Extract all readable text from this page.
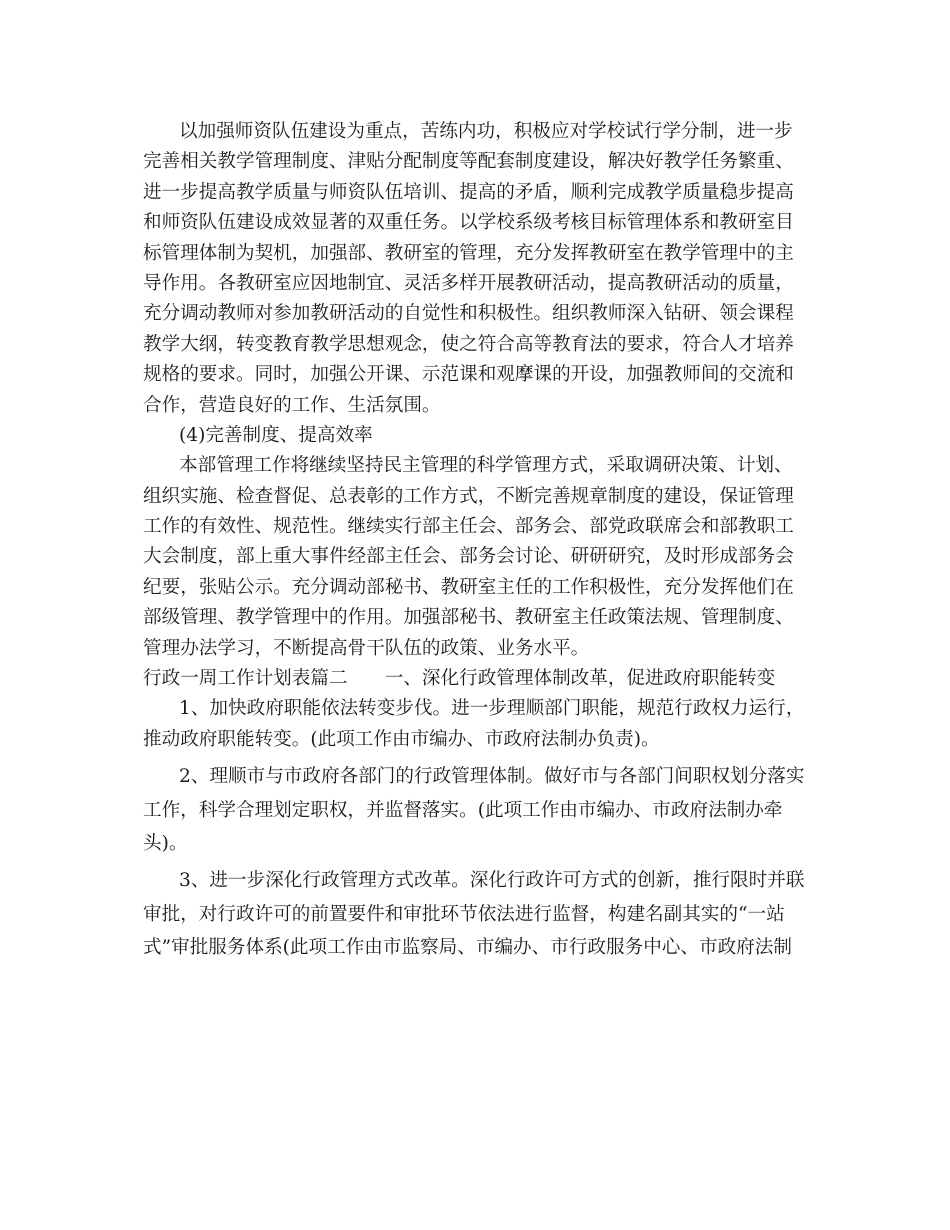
以加强师资队伍建设为重点，苦练内功，积极应对学校试行学分制，进一步
完善相关教学管理制度、津贴分配制度等配套制度建设，解决好教学任务繁重、
进一步提高教学质量与师资队伍培训、提高的矛盾，顺利完成教学质量稳步提高
和师资队伍建设成效显著的双重任务。以学校系级考核目标管理体系和教研室目
标管理体制为契机，加强部、教研室的管理，充分发挥教研室在教学管理中的主
导作用。各教研室应因地制宜、灵活多样开展教研活动，提高教研活动的质量，
充分调动教师对参加教研活动的自觉性和积极性。组织教师深入钻研、领会课程
教学大纲，转变教育教学思想观念，使之符合高等教育法的要求，符合人才培养
规格的要求。同时，加强公开课、示范课和观摩课的开设，加强教师间的交流和
合作，营造良好的工作、生活氛围。
(4)完善制度、提高效率
本部管理工作将继续坚持民主管理的科学管理方式，采取调研决策、计划、
组织实施、检查督促、总表彰的工作方式，不断完善规章制度的建设，保证管理
工作的有效性、规范性。继续实行部主任会、部务会、部党政联席会和部教职工
大会制度，部上重大事件经部主任会、部务会讨论、研研研究，及时形成部务会
纪要，张贴公示。充分调动部秘书、教研室主任的工作积极性，充分发挥他们在
部级管理、教学管理中的作用。加强部秘书、教研室主任政策法规、管理制度、
管理办法学习，不断提高骨干队伍的政策、业务水平。
行政一周工作计划表篇二　　一、深化行政管理体制改革，促进政府职能转变
1、加快政府职能依法转变步伐。进一步理顺部门职能，规范行政权力运行，
推动政府职能转变。(此项工作由市编办、市政府法制办负责)。
2、理顺市与市政府各部门的行政管理体制。做好市与各部门间职权划分落实
工作，科学合理划定职权，并监督落实。(此项工作由市编办、市政府法制办牵
头)。
3、进一步深化行政管理方式改革。深化行政许可方式的创新，推行限时并联
审批，对行政许可的前置要件和审批环节依法进行监督，构建名副其实的“一站
式”审批服务体系(此项工作由市监察局、市编办、市行政服务中心、市政府法制
